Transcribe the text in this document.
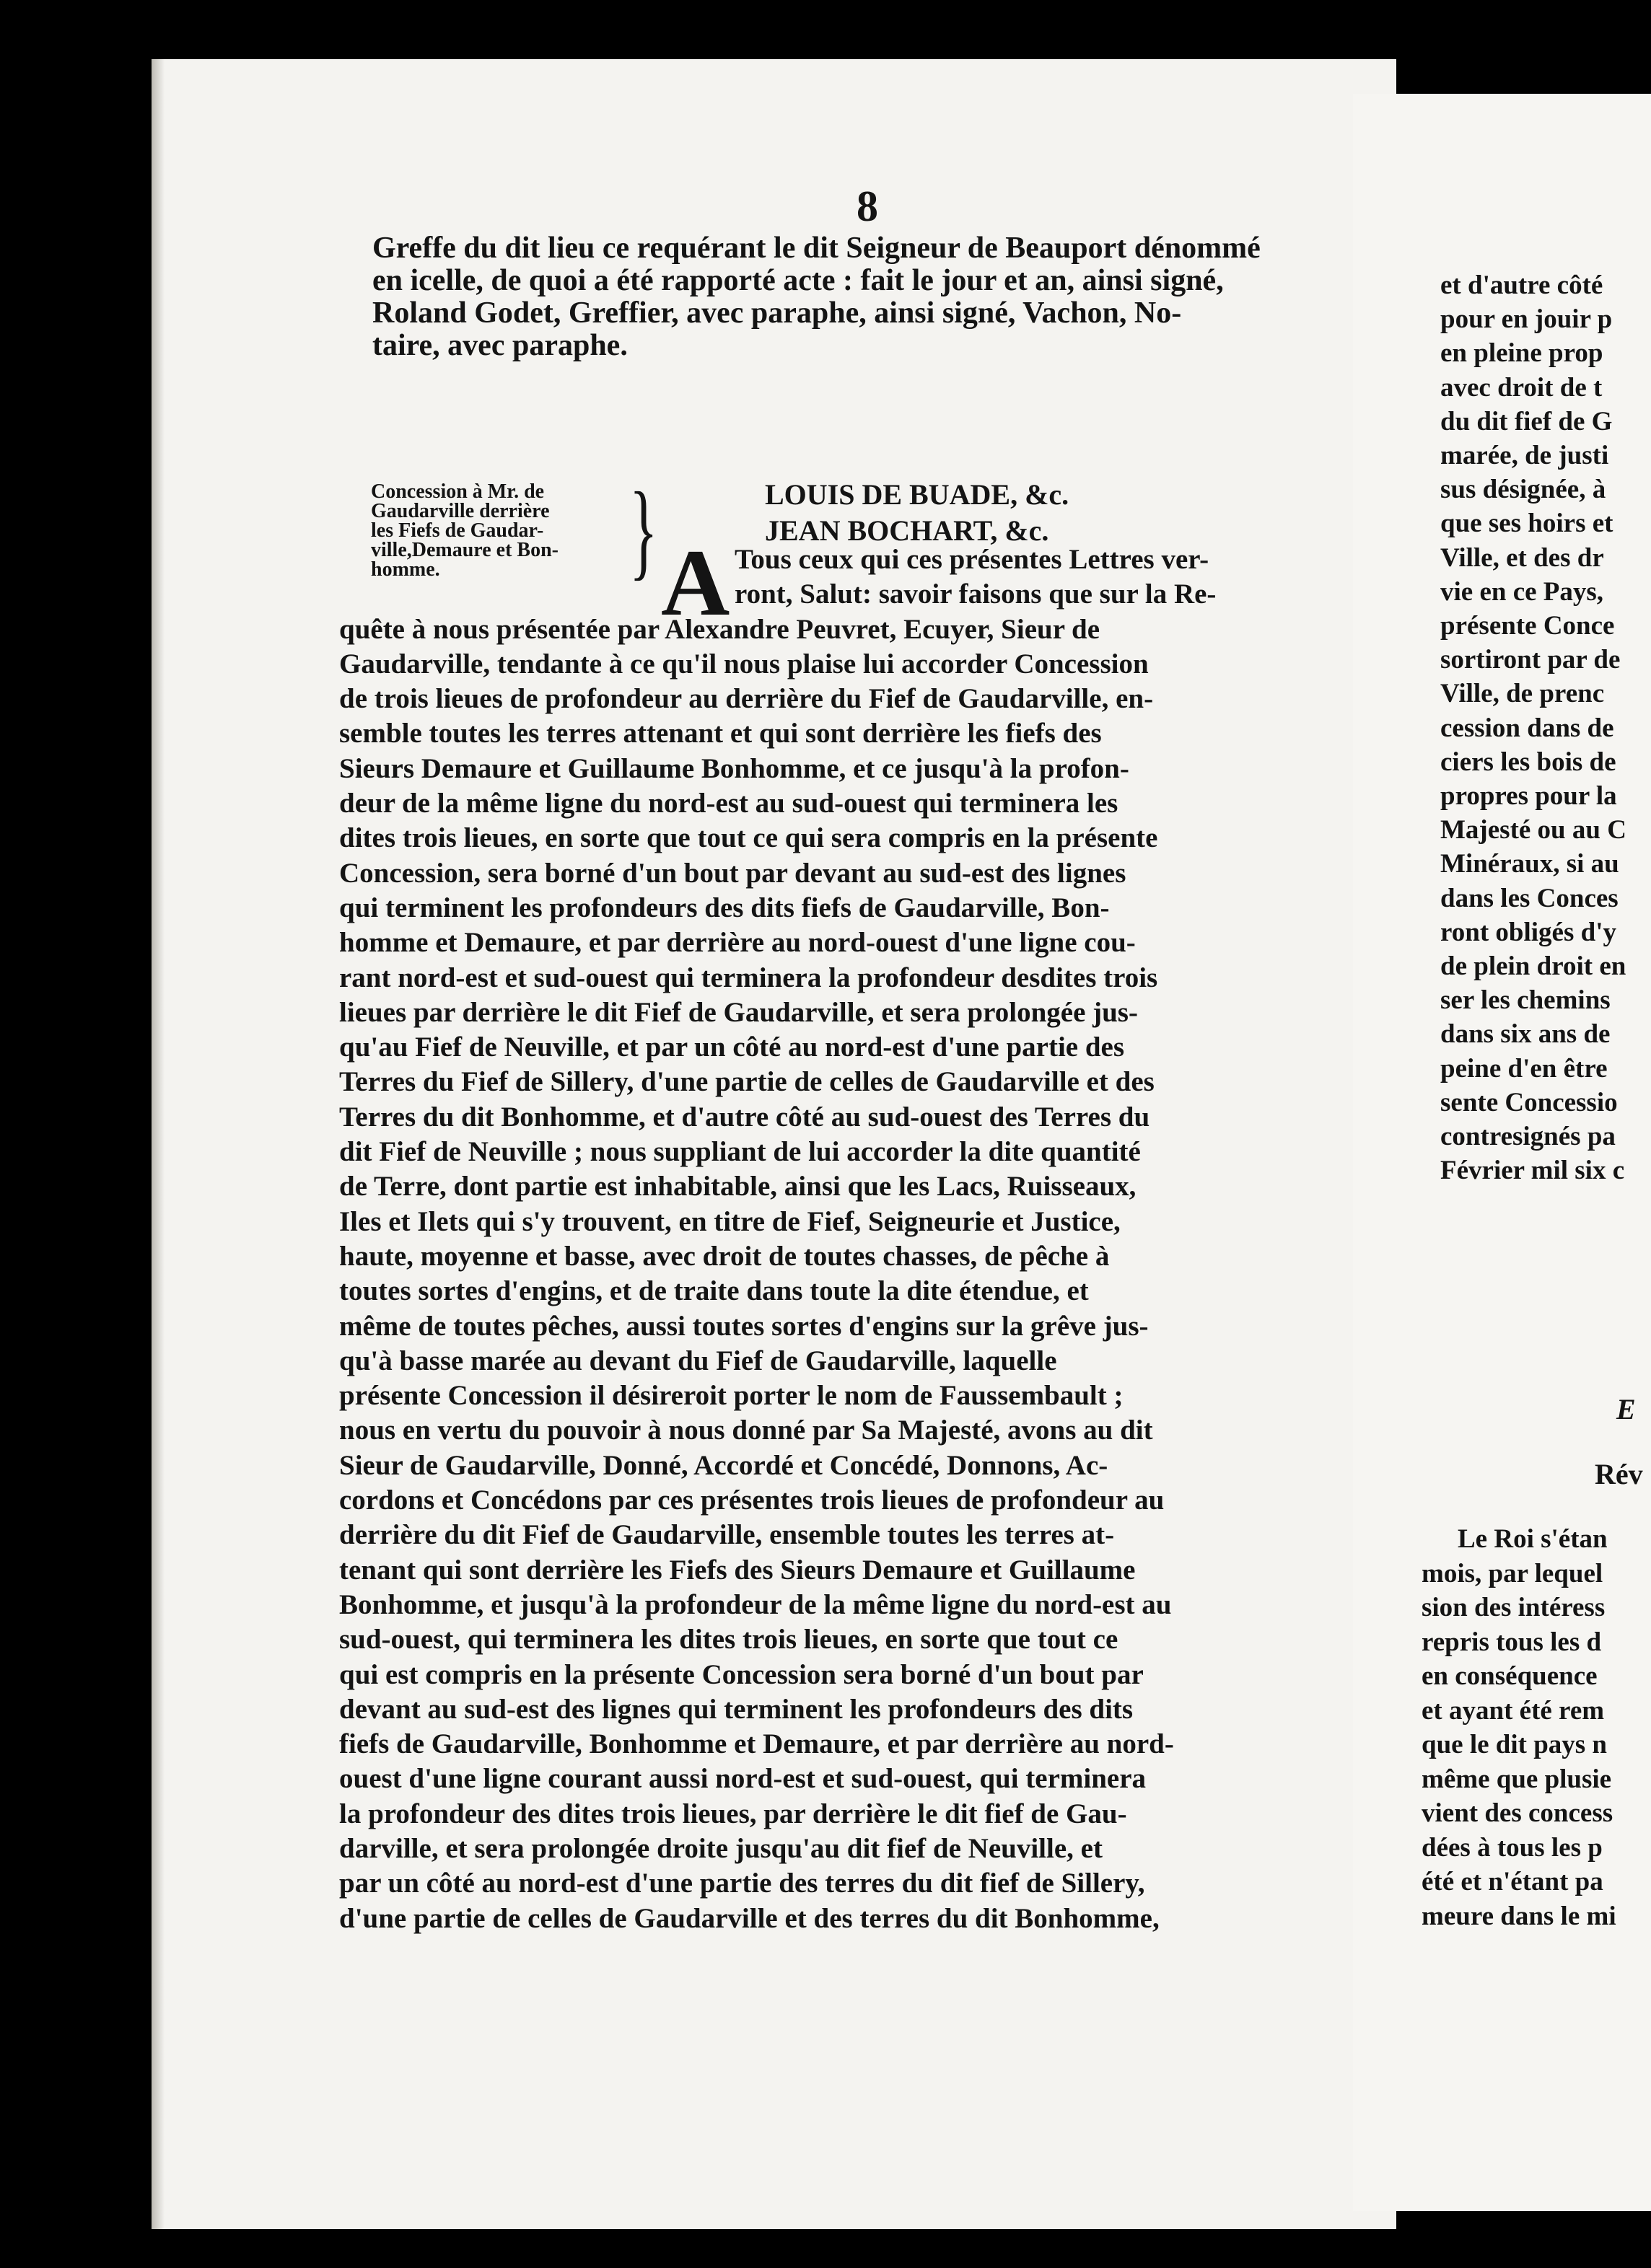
8
Greffe du dit lieu ce requérant le dit Seigneur de Beauport dénommé
en icelle, de quoi a été rapporté acte : fait le jour et an, ainsi signé,
Roland Godet, Greffier, avec paraphe, ainsi signé, Vachon, No-
taire, avec paraphe.
Concession à Mr. de
Gaudarville derrière
les Fiefs de Gaudar-
ville,Demaure et Bon-
homme.	}	LOUIS DE BUADE, &c.
JEAN BOCHART, &c.
A Tous ceux qui ces présentes Lettres ver-
ront, Salut: savoir faisons que sur la Re-
quête à nous présentée par Alexandre Peuvret, Ecuyer, Sieur de
Gaudarville, tendante à ce qu'il nous plaise lui accorder Concession
de trois lieues de profondeur au derrière du Fief de Gaudarville, en-
semble toutes les terres attenant et qui sont derrière les fiefs des
Sieurs Demaure et Guillaume Bonhomme, et ce jusqu'à la profon-
deur de la même ligne du nord-est au sud-ouest qui terminera les
dites trois lieues, en sorte que tout ce qui sera compris en la présente
Concession, sera borné d'un bout par devant au sud-est des lignes
qui terminent les profondeurs des dits fiefs de Gaudarville, Bon-
homme et Demaure, et par derrière au nord-ouest d'une ligne cou-
rant nord-est et sud-ouest qui terminera la profondeur desdites trois
lieues par derrière le dit Fief de Gaudarville, et sera prolongée jus-
qu'au Fief de Neuville, et par un côté au nord-est d'une partie des
Terres du Fief de Sillery, d'une partie de celles de Gaudarville et des
Terres du dit Bonhomme, et d'autre côté au sud-ouest des Terres du
dit Fief de Neuville ; nous suppliant de lui accorder la dite quantité
de Terre, dont partie est inhabitable, ainsi que les Lacs, Ruisseaux,
Iles et Ilets qui s'y trouvent, en titre de Fief, Seigneurie et Justice,
haute, moyenne et basse, avec droit de toutes chasses, de pêche à
toutes sortes d'engins, et de traite dans toute la dite étendue, et
même de toutes pêches, aussi toutes sortes d'engins sur la grêve jus-
qu'à basse marée au devant du Fief de Gaudarville, laquelle
présente Concession il désireroit porter le nom de Faussembault ;
nous en vertu du pouvoir à nous donné par Sa Majesté, avons au dit
Sieur de Gaudarville, Donné, Accordé et Concédé, Donnons, Ac-
cordons et Concédons par ces présentes trois lieues de profondeur au
derrière du dit Fief de Gaudarville, ensemble toutes les terres at-
tenant qui sont derrière les Fiefs des Sieurs Demaure et Guillaume
Bonhomme, et jusqu'à la profondeur de la même ligne du nord-est au
sud-ouest, qui terminera les dites trois lieues, en sorte que tout ce
qui est compris en la présente Concession sera borné d'un bout par
devant au sud-est des lignes qui terminent les profondeurs des dits
fiefs de Gaudarville, Bonhomme et Demaure, et par derrière au nord-
ouest d'une ligne courant aussi nord-est et sud-ouest, qui terminera
la profondeur des dites trois lieues, par derrière le dit fief de Gau-
darville, et sera prolongée droite jusqu'au dit fief de Neuville, et
par un côté au nord-est d'une partie des terres du dit fief de Sillery,
d'une partie de celles de Gaudarville et des terres du dit Bonhomme,
et d'autre côté
pour en jouir p
en pleine prop
avec droit de t
du dit fief de G
marée, de justi
sus désignée, à
que ses hoirs et
Ville, et des dr
vie en ce Pays,
présente Conce
sortiront par de
Ville, de prenc
cession dans de
ciers les bois de
propres pour la
Majesté ou au C
Minéraux, si au
dans les Conces
ront obligés d'y
de plein droit en
ser les chemins
dans six ans de
peine d'en être
sente Concessio
contresignés pa
Février mil six c
E
Rév
Le Roi s'étan
mois, par lequel
sion des intéress
repris tous les d
en conséquence
et ayant été rem
que le dit pays n
même que plusie
vient des concess
dées à tous les p
été et n'étant pa
meure dans le mi
